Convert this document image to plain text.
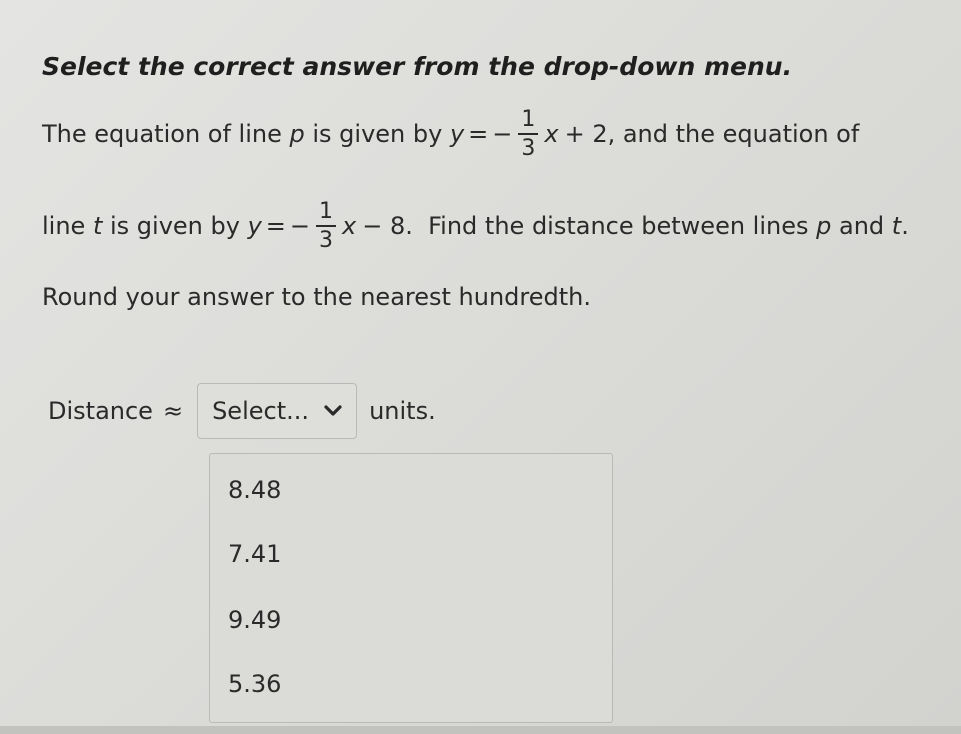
Select the correct answer from the drop-down menu.
The equation of line p is given by y = − $\frac{1}{3}$ x + 2 , and the equation of
line t is given by y = − $\frac{1}{3}$ x − 8 .  Find the distance between lines p and t .
Round your answer to the nearest hundredth.
Distance ≈ Select...	units.
8.48
7.41
9.49
5.36
